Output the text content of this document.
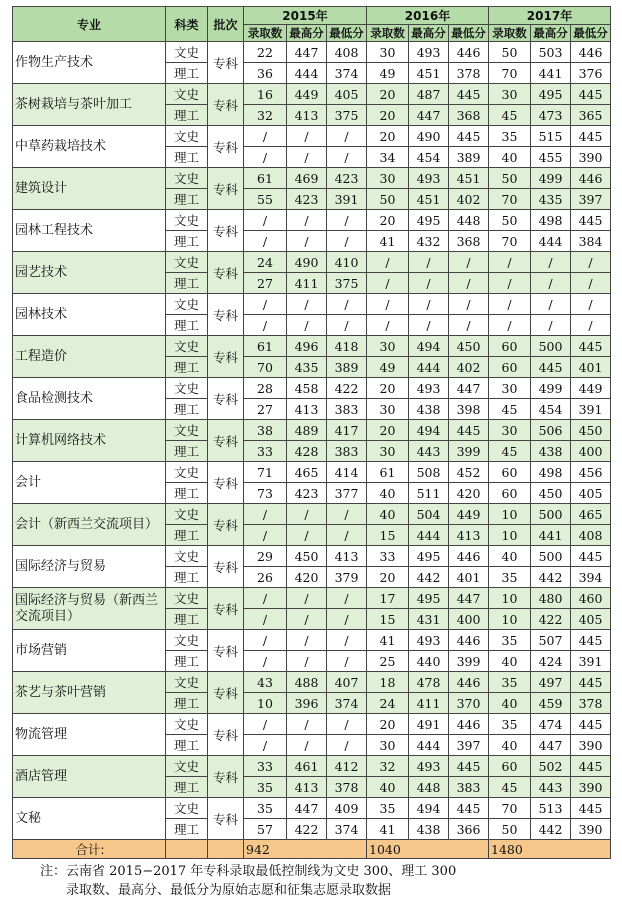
专业	科类	批次	2015年			2016年			2017年		
			录取数	最高分	最低分	录取数	最高分	最低分	录取数	最高分	最低分
作物生产技术	文史	专科	22	447	408	30	493	446	50	503	446
	理工		36	444	374	49	451	378	70	441	376
茶树栽培与茶叶加工	文史	专科	16	449	405	20	487	445	30	495	445
	理工		32	413	375	20	447	368	45	473	365
中草药栽培技术	文史	专科	/	/	/	20	490	445	35	515	445
	理工		/	/	/	34	454	389	40	455	390
建筑设计	文史	专科	61	469	423	30	493	451	50	499	446
	理工		55	423	391	50	451	402	70	435	397
园林工程技术	文史	专科	/	/	/	20	495	448	50	498	445
	理工		/	/	/	41	432	368	70	444	384
园艺技术	文史	专科	24	490	410	/	/	/	/	/	/
	理工		27	411	375	/	/	/	/	/	/
园林技术	文史	专科	/	/	/	/	/	/	/	/	/
	理工		/	/	/	/	/	/	/	/	/
工程造价	文史	专科	61	496	418	30	494	450	60	500	445
	理工		70	435	389	49	444	402	60	445	401
食品检测技术	文史	专科	28	458	422	20	493	447	30	499	449
	理工		27	413	383	30	438	398	45	454	391
计算机网络技术	文史	专科	38	489	417	20	494	445	30	506	450
	理工		33	428	383	30	443	399	45	438	400
会计	文史	专科	71	465	414	61	508	452	60	498	456
	理工		73	423	377	40	511	420	60	450	405
会计（新西兰交流项目）	文史	专科	/	/	/	40	504	449	10	500	465
	理工		/	/	/	15	444	413	10	441	408
国际经济与贸易	文史	专科	29	450	413	33	495	446	40	500	445
	理工		26	420	379	20	442	401	35	442	394
国际经济与贸易（新西兰交流项目）	文史	专科	/	/	/	17	495	447	10	480	460
	理工		/	/	/	15	431	400	10	422	405
市场营销	文史	专科	/	/	/	41	493	446	35	507	445
	理工		/	/	/	25	440	399	40	424	391
茶艺与茶叶营销	文史	专科	43	488	407	18	478	446	35	497	445
	理工		10	396	374	24	411	370	40	459	378
物流管理	文史	专科	/	/	/	20	491	446	35	474	445
	理工		/	/	/	30	444	397	40	447	390
酒店管理	文史	专科	33	461	412	32	493	445	60	502	445
	理工		35	413	378	40	448	383	45	443	390
文秘	文史	专科	35	447	409	35	494	445	70	513	445
	理工		57	422	374	41	438	366	50	442	390
合计:			942			1040			1480		
注：云南省 2015−2017 年专科录取最低控制线为文史 300、理工 300
录取数、最高分、最低分为原始志愿和征集志愿录取数据
